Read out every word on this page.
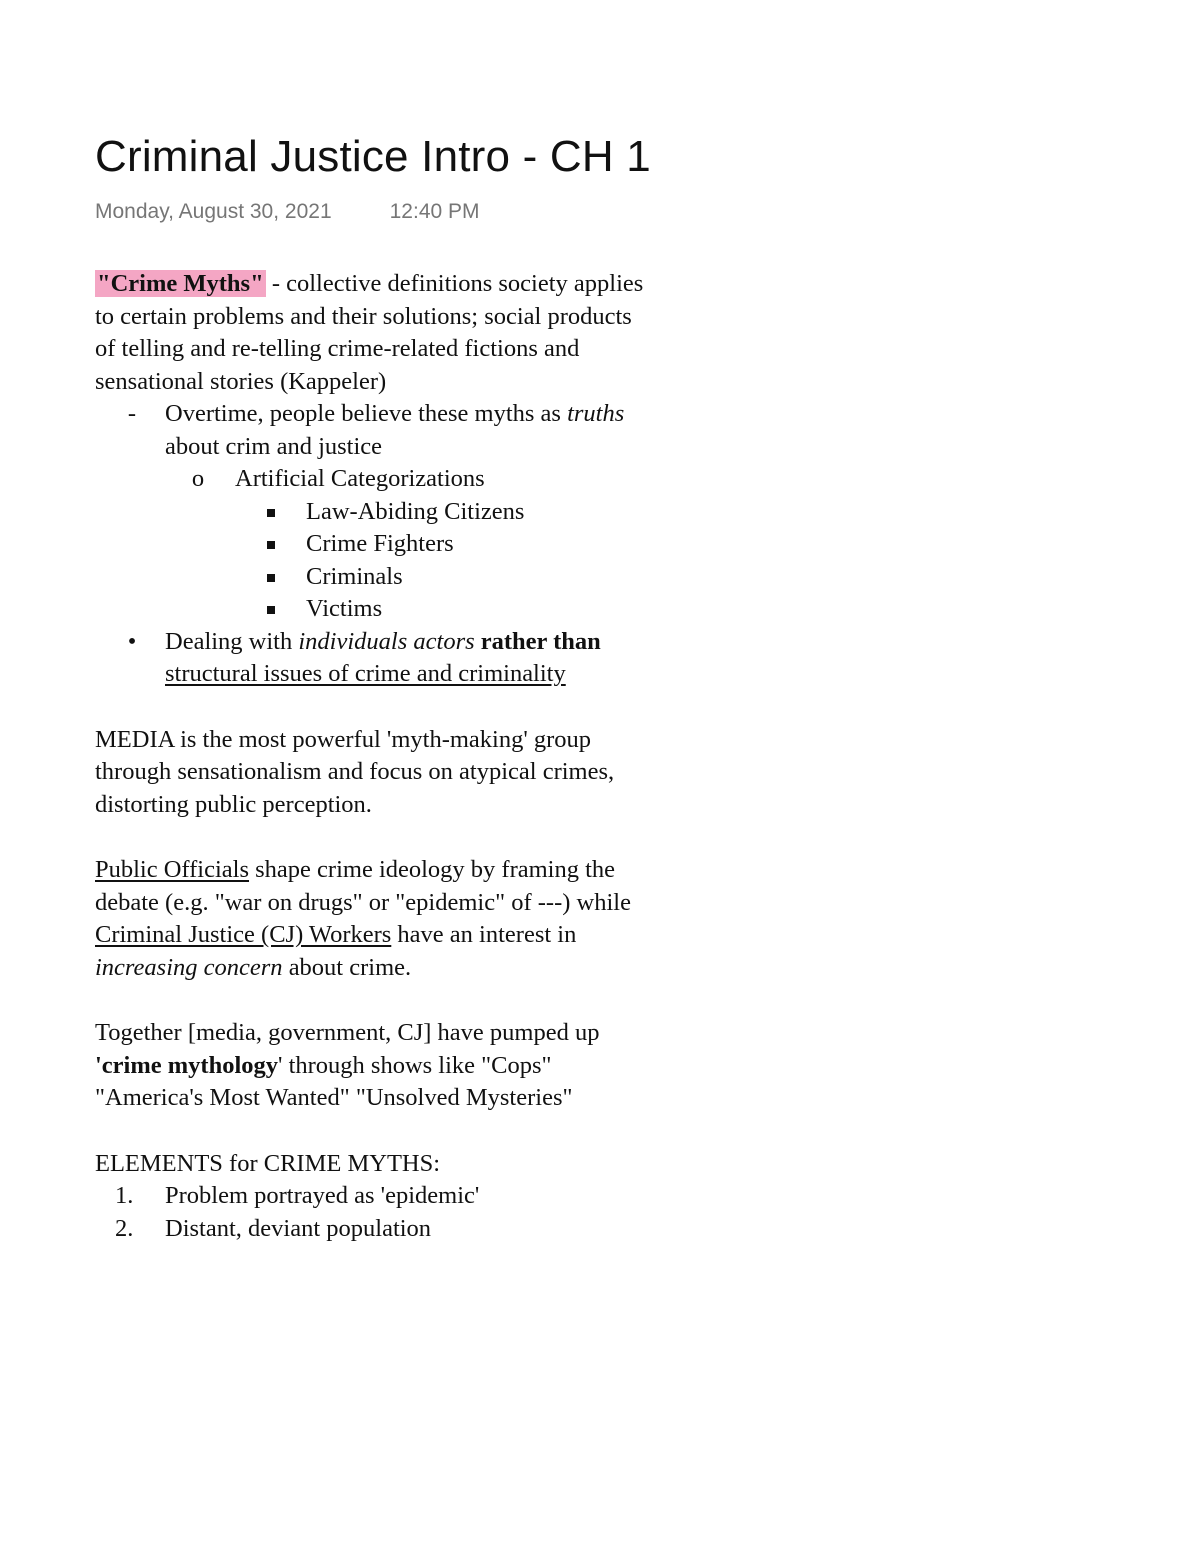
Criminal Justice Intro - CH 1
Monday, August 30, 2021	12:40 PM

"Crime Myths" - collective definitions society applies to certain problems and their solutions; social products of telling and re-telling crime-related fictions and sensational stories (Kappeler)

-	Overtime, people believe these myths as truths about crim and justice
o	Artificial Categorizations
Law-Abiding Citizens
Crime Fighters
Criminals
Victims
•	Dealing with individuals actors rather than structural issues of crime and criminality

MEDIA is the most powerful 'myth-making' group through sensationalism and focus on atypical crimes, distorting public perception.

Public Officials shape crime ideology by framing the debate (e.g. "war on drugs" or "epidemic" of ---) while Criminal Justice (CJ) Workers have an interest in increasing concern about crime.

Together [media, government, CJ] have pumped up 'crime mythology' through shows like "Cops" "America's Most Wanted" "Unsolved Mysteries"

ELEMENTS for CRIME MYTHS:

1.	Problem portrayed as 'epidemic'
2.	Distant, deviant population
